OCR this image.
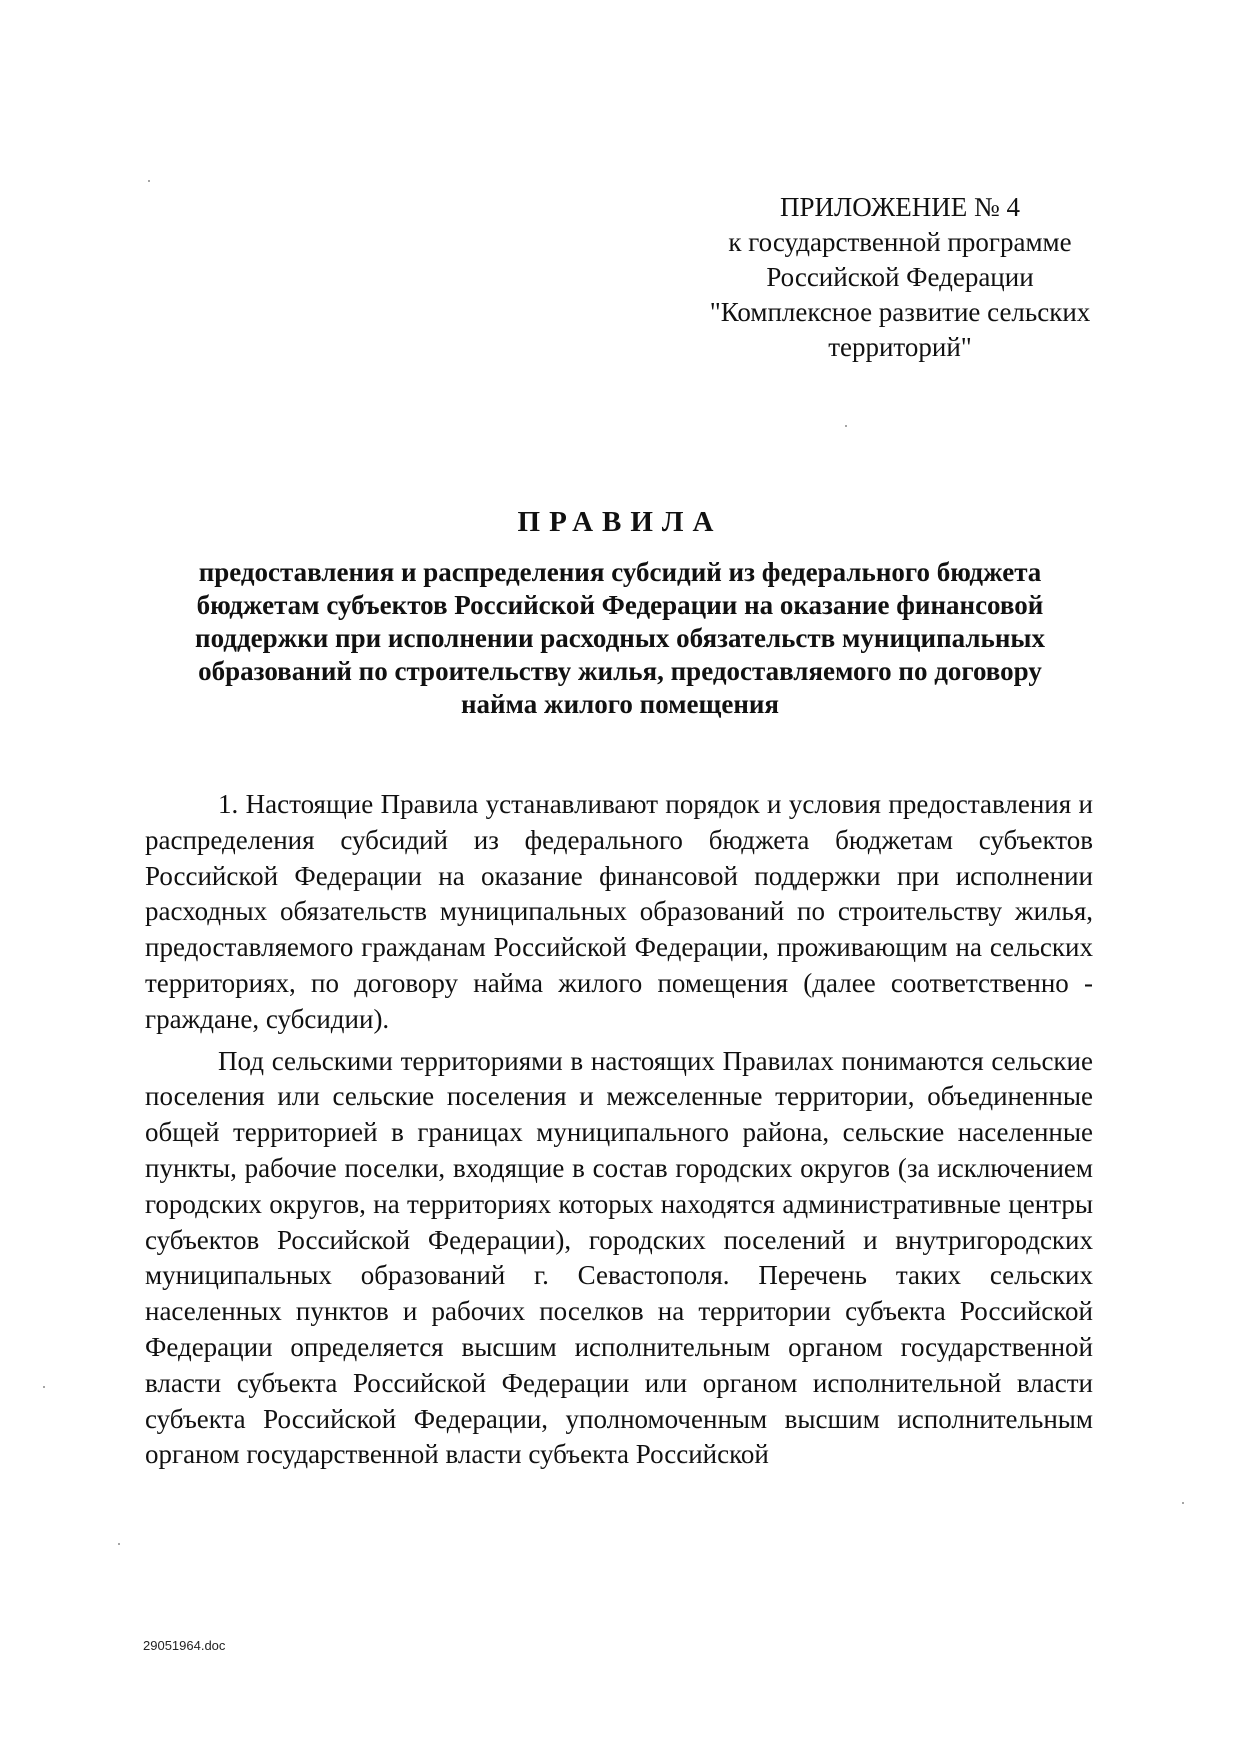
ПРИЛОЖЕНИЕ № 4
к государственной программе
Российской Федерации
"Комплексное развитие сельских
территорий"
ПРАВИЛА
предоставления и распределения субсидий из федерального бюджета
бюджетам субъектов Российской Федерации на оказание финансовой
поддержки при исполнении расходных обязательств муниципальных
образований по строительству жилья, предоставляемого по договору
найма жилого помещения

1. Настоящие Правила устанавливают порядок и условия предоставления и распределения субсидий из федерального бюджета бюджетам субъектов Российской Федерации на оказание финансовой поддержки при исполнении расходных обязательств муниципальных образований по строительству жилья, предоставляемого гражданам Российской Федерации, проживающим на сельских территориях, по договору найма жилого помещения (далее соответственно - граждане, субсидии).

Под сельскими территориями в настоящих Правилах понимаются сельские поселения или сельские поселения и межселенные территории, объединенные общей территорией в границах муниципального района, сельские населенные пункты, рабочие поселки, входящие в состав городских округов (за исключением городских округов, на территориях которых находятся административные центры субъектов Российской Федерации), городских поселений и внутригородских муниципальных образований г. Севастополя. Перечень таких сельских населенных пунктов и рабочих поселков на территории субъекта Российской Федерации определяется высшим исполнительным органом государственной власти субъекта Российской Федерации или органом исполнительной власти субъекта Российской Федерации, уполномоченным высшим исполнительным органом государственной власти субъекта Российской

29051964.doc
